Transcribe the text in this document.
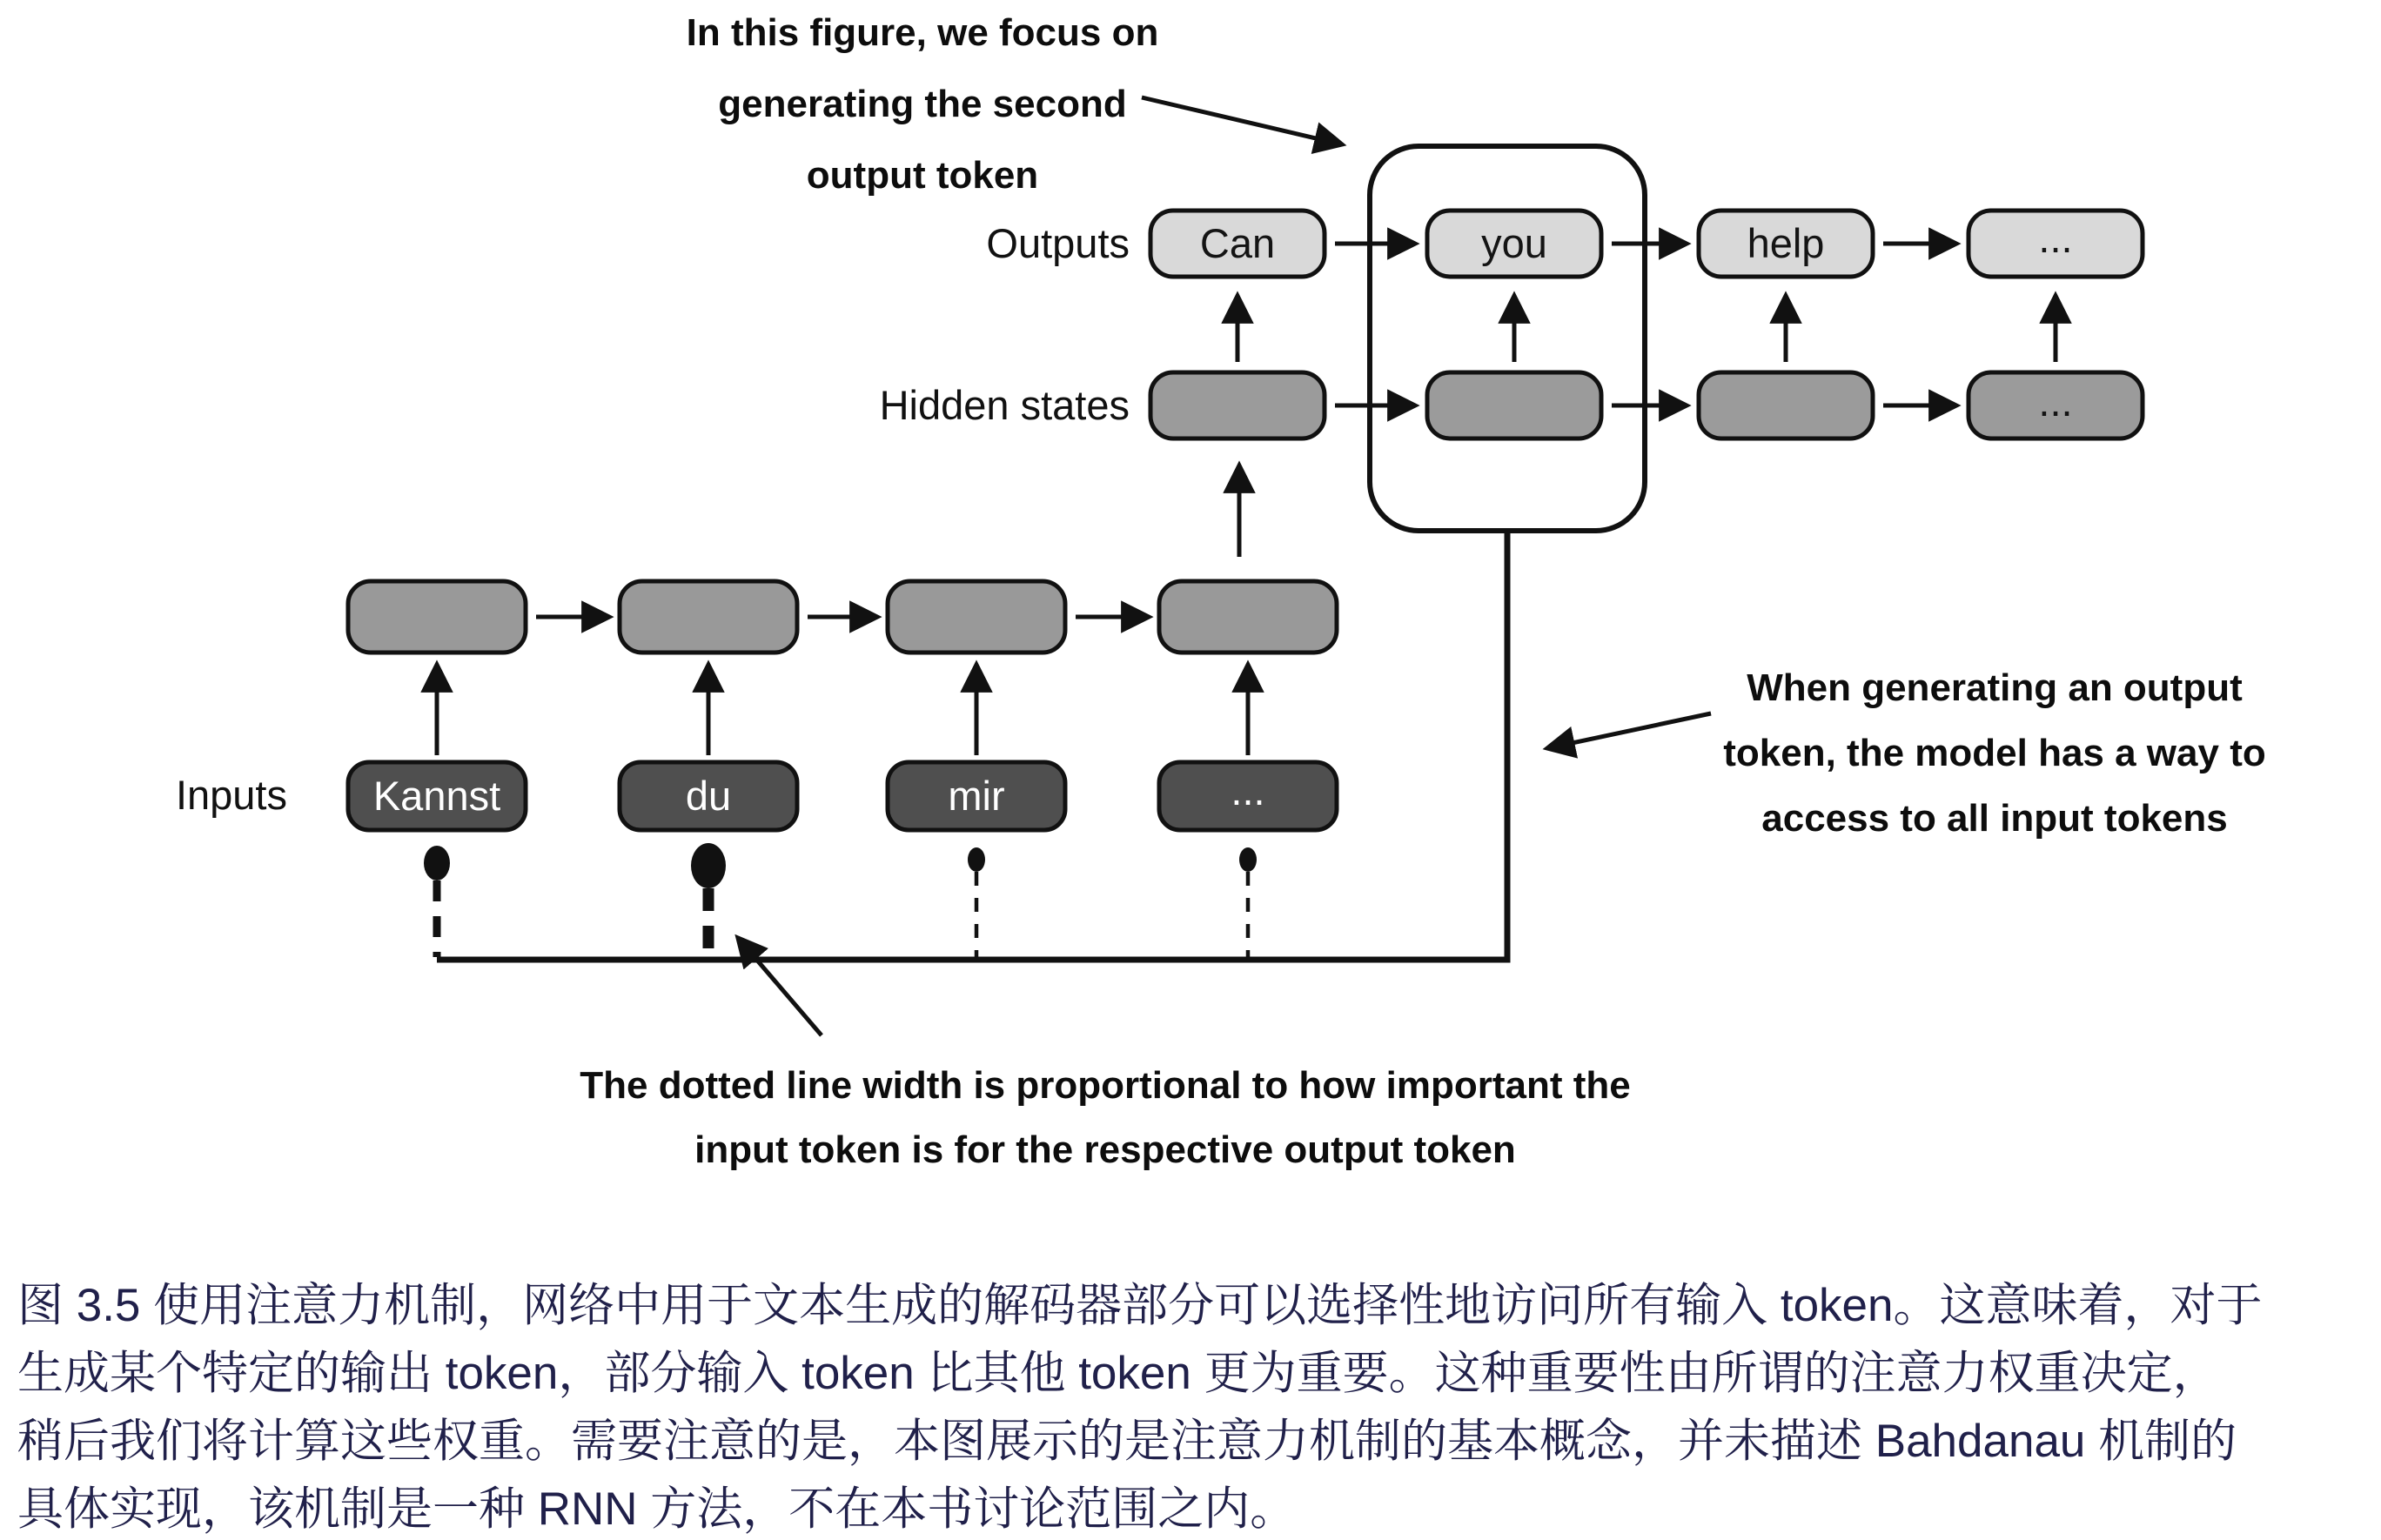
In this figure, we focus on
generating the second
output token
Outputs
Hidden states
Inputs
Can	you	help	...
...
Kannst	du	mir	...
When generating an output
token, the model has a way to
access to all input tokens
The dotted line width is proportional to how important the
input token is for the respective output token
图 3.5 使用注意力机制，网络中用于文本生成的解码器部分可以选择性地访问所有输入 token。这意味着，对于
生成某个特定的输出 token，部分输入 token 比其他 token 更为重要。这种重要性由所谓的注意力权重决定，
稍后我们将计算这些权重。需要注意的是，本图展示的是注意力机制的基本概念，并未描述 Bahdanau 机制的
具体实现，该机制是一种 RNN 方法，不在本书讨论范围之内。
